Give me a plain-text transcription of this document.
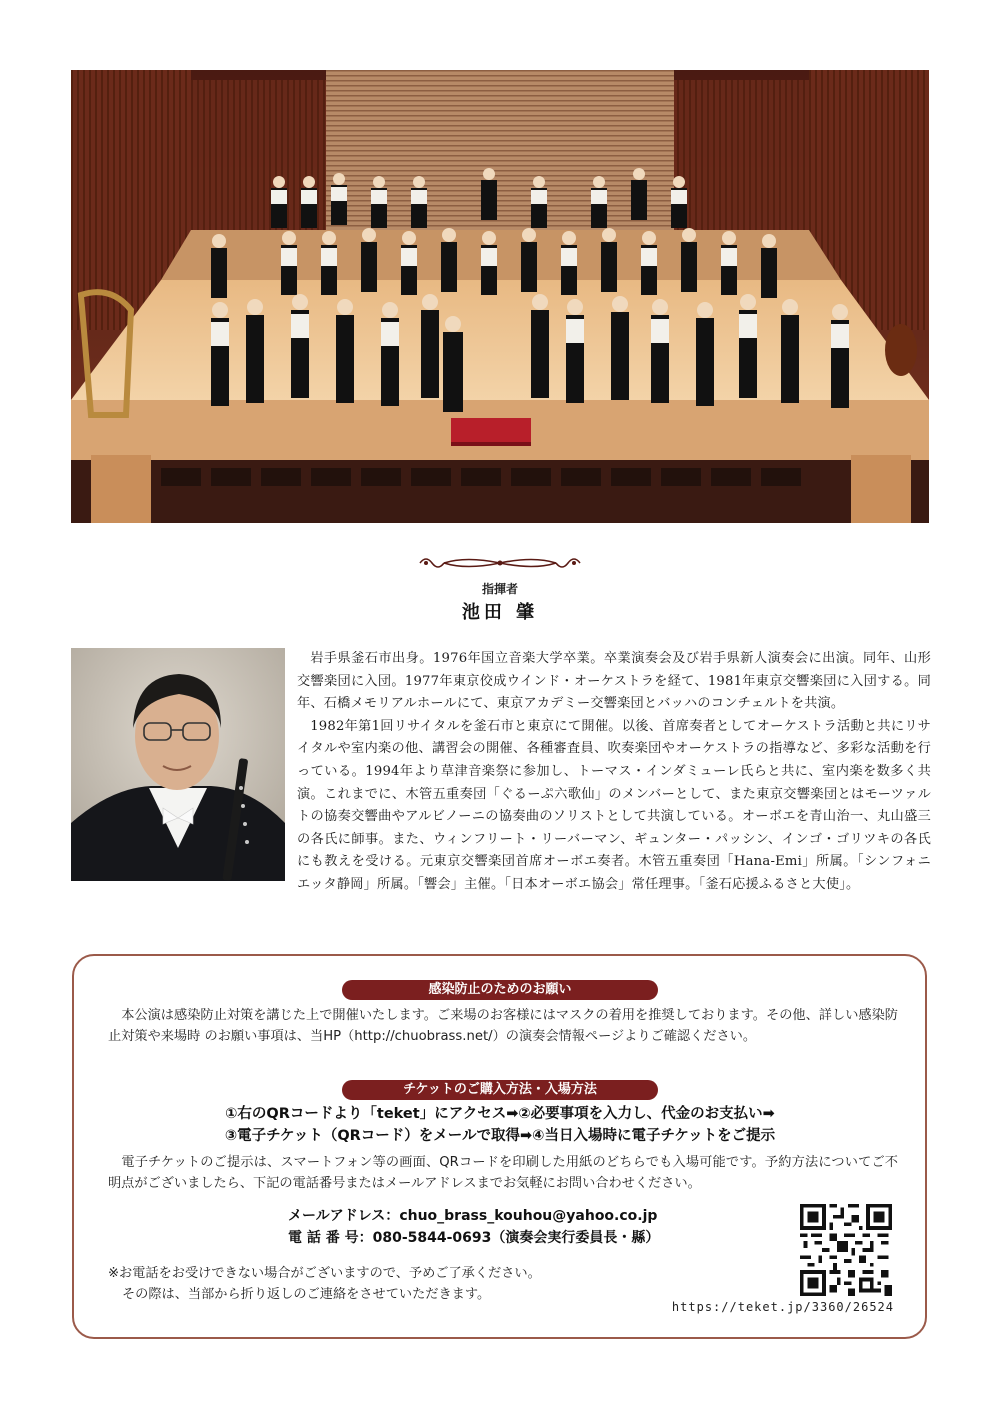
指揮者
池田 肇

岩手県釜石市出身。1976年国立音楽大学卒業。卒業演奏会及び岩手県新人演奏会に出演。同年、山形交響楽団に入団。1977年東京佼成ウインド・オーケストラを経て、1981年東京交響楽団に入団する。同年、石橋メモリアルホールにて、東京アカデミー交響楽団とバッハのコンチェルトを共演。

1982年第1回リサイタルを釜石市と東京にて開催。以後、首席奏者としてオーケストラ活動と共にリサイタルや室内楽の他、講習会の開催、各種審査員、吹奏楽団やオーケストラの指導など、多彩な活動を行っている。1994年より草津音楽祭に参加し、トーマス・インダミューレ氏らと共に、室内楽を数多く共演。これまでに、木管五重奏団「ぐるーぷ六歌仙」のメンバーとして、また東京交響楽団とはモーツァルトの協奏交響曲やアルビノーニの協奏曲のソリストとして共演している。オーボエを青山治一、丸山盛三の各氏に師事。また、ウィンフリート・リーバーマン、ギュンター・パッシン、インゴ・ゴリツキの各氏にも教えを受ける。元東京交響楽団首席オーボエ奏者。木管五重奏団「Hana-Emi」所属。「シンフォニエッタ静岡」所属。「響会」主催。「日本オーボエ協会」常任理事。「釜石応援ふるさと大使」。

感染防止のためのお願い
本公演は感染防止対策を講じた上で開催いたします。ご来場のお客様にはマスクの着用を推奨しております。その他、詳しい感染防止対策や来場時 のお願い事項は、当HP（http://chuobrass.net/）の演奏会情報ページよりご確認ください。
チケットのご購入方法・入場方法
①右のQRコードより「teket」にアクセス➡②必要事項を入力し、代金のお支払い➡
③電子チケット（QRコード）をメールで取得➡④当日入場時に電子チケットをご提示
電子チケットのご提示は、スマートフォン等の画面、QRコードを印刷した用紙のどちらでも入場可能です。予約方法についてご不明点がございましたら、下記の電話番号またはメールアドレスまでお気軽にお問い合わせください。
メールアドレス：chuo_brass_kouhou@yahoo.co.jp
電 話 番 号：080-5844-0693（演奏会実行委員長・縣）
※お電話をお受けできない場合がございますので、予めご了承ください。
その際は、当部から折り返しのご連絡をさせていただきます。
https://teket.jp/3360/26524
